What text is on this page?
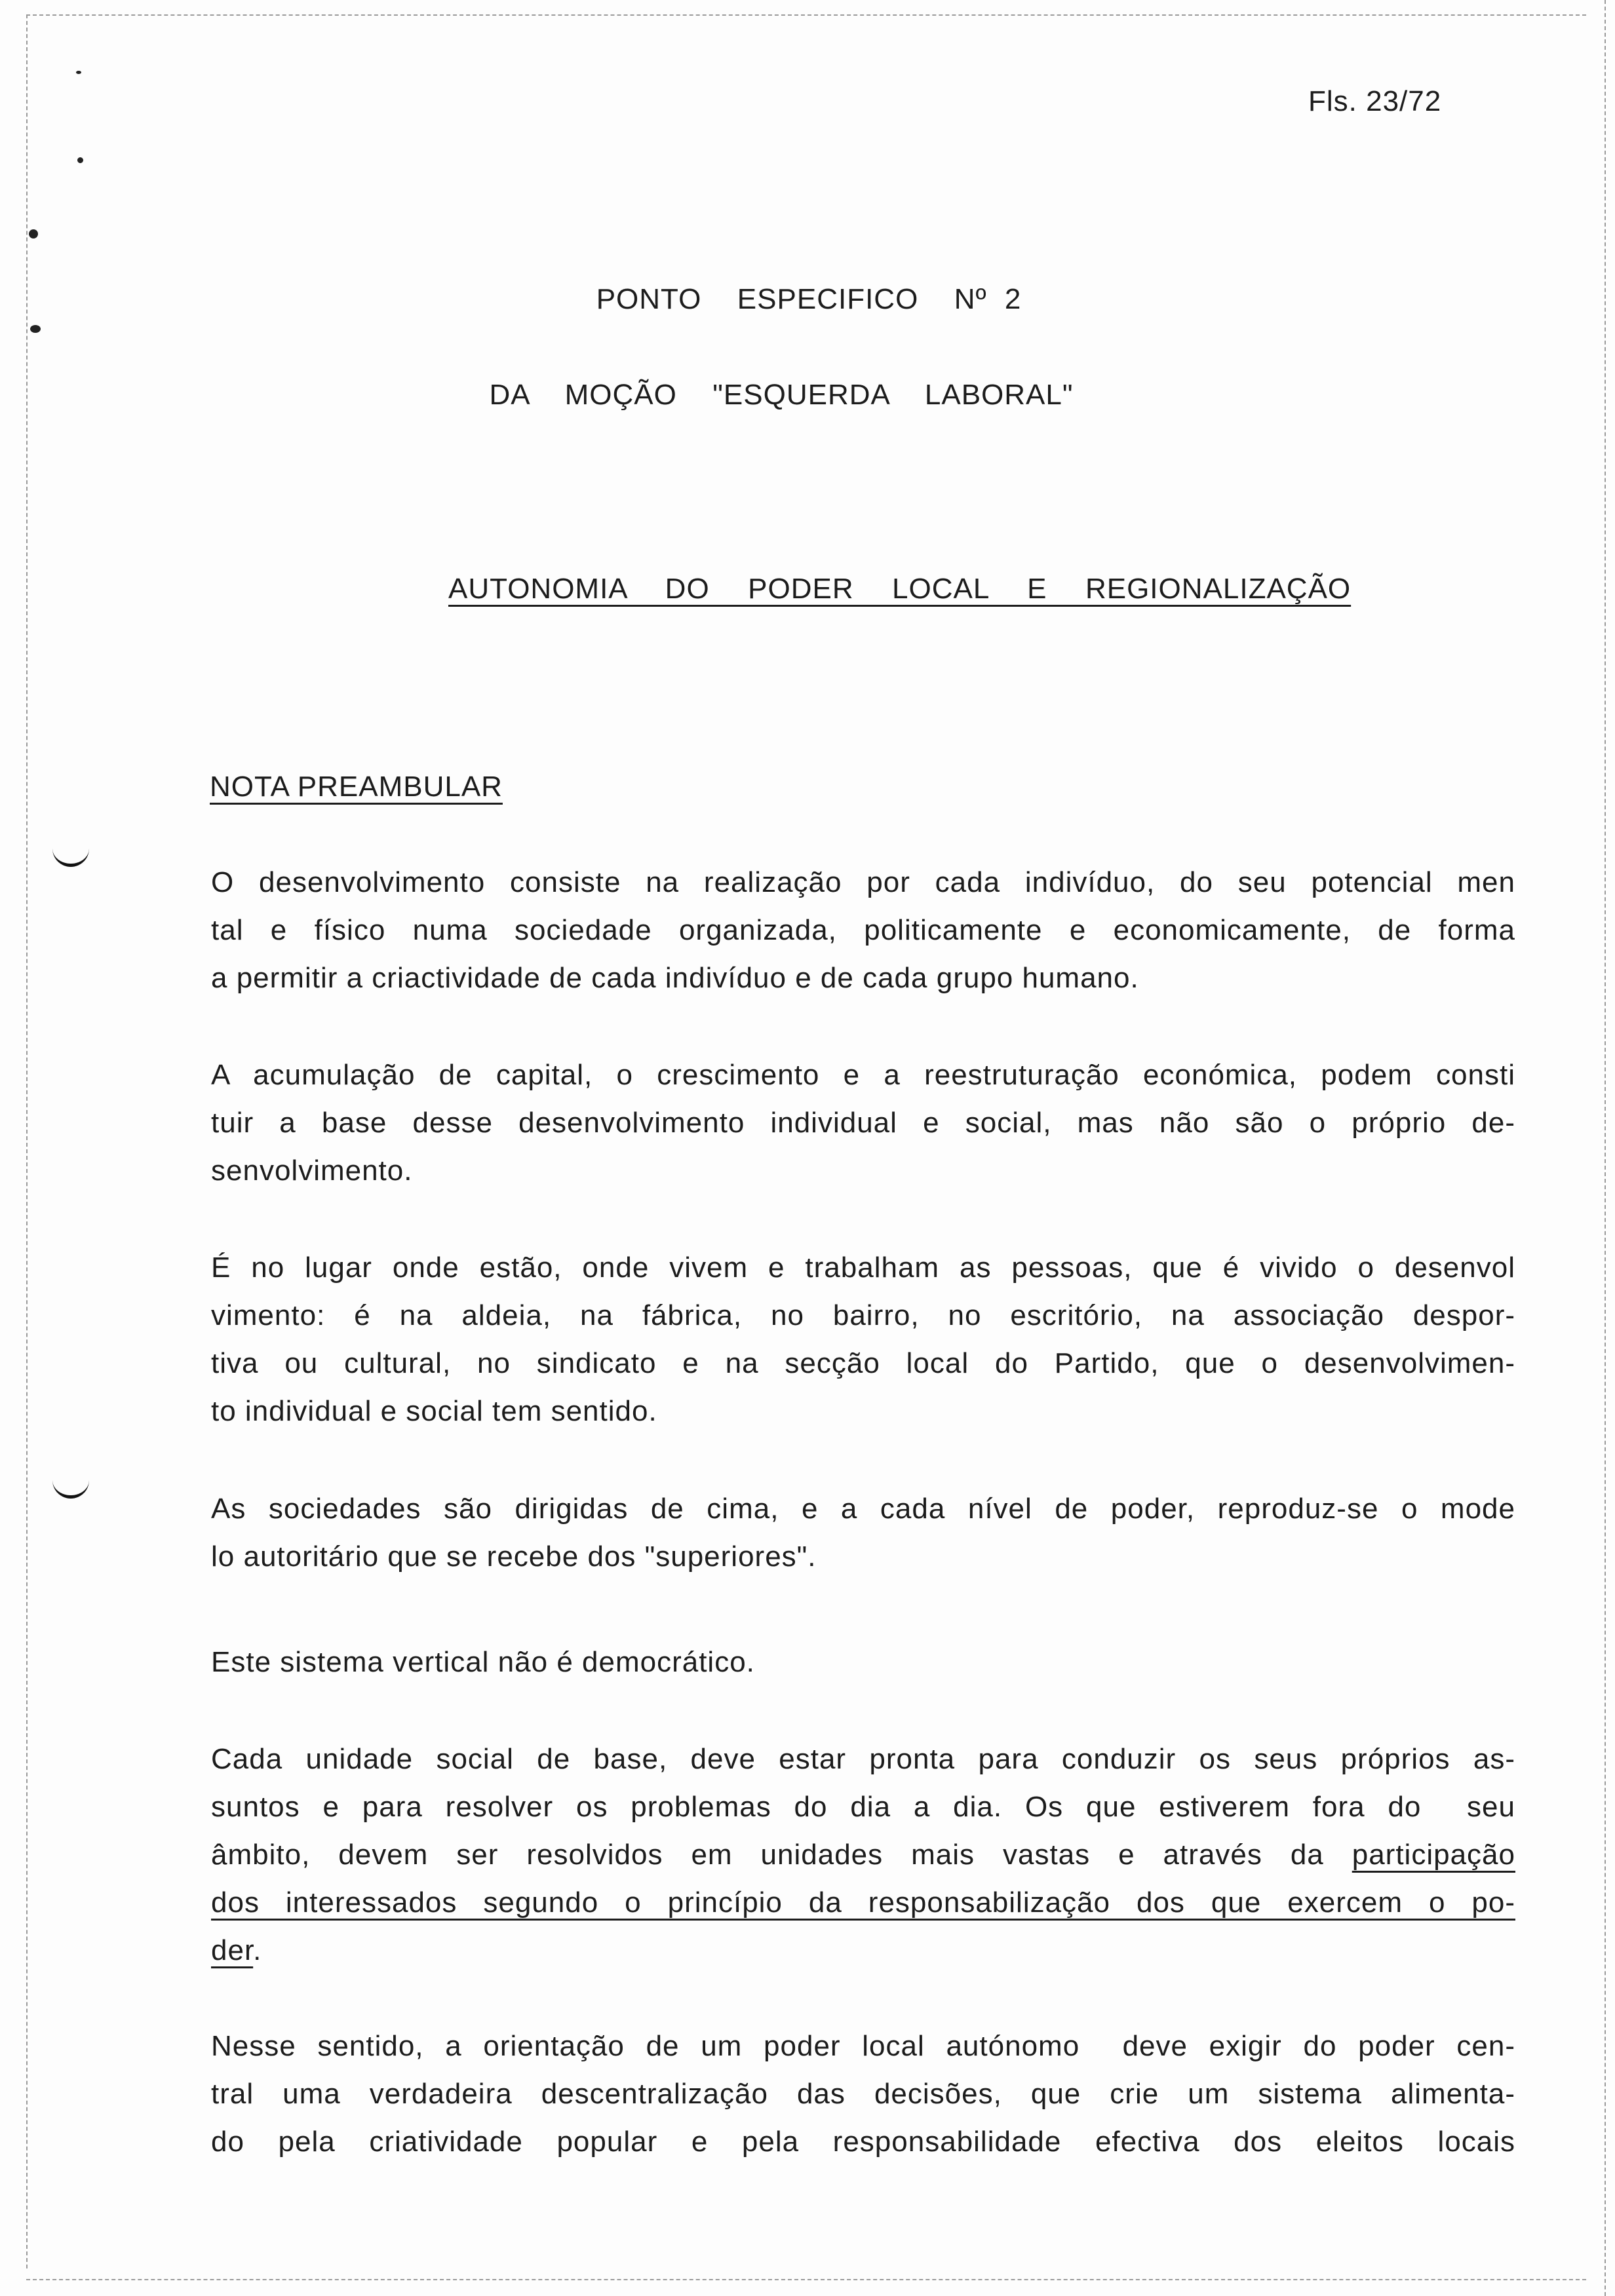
Fls. 23/72
PONTO  ESPECIFICO  Nº 2
DA  MOÇÃO  "ESQUERDA  LABORAL"
AUTONOMIA  DO  PODER  LOCAL  E  REGIONALIZAÇÃO
NOTA PREAMBULAR
O desenvolvimento consiste na realização por cada indivíduo, do seu potencial men
tal e físico numa sociedade organizada, politicamente e economicamente, de forma
a permitir a criactividade de cada indivíduo e de cada grupo humano.
A acumulação de capital, o crescimento e a reestruturação económica, podem consti
tuir a base desse desenvolvimento individual e social, mas não são o próprio de-
senvolvimento.
É no lugar onde estão, onde vivem e trabalham as pessoas, que é vivido o desenvol
vimento: é na aldeia, na fábrica, no bairro, no escritório, na associação despor-
tiva ou cultural, no sindicato e na secção local do Partido, que o desenvolvimen-
to individual e social tem sentido.
As sociedades são dirigidas de cima, e a cada nível de poder, reproduz-se o mode
lo autoritário que se recebe dos "superiores".
Este sistema vertical não é democrático.
Cada unidade social de base, deve estar pronta para conduzir os seus próprios as-
suntos e para resolver os problemas do dia a dia. Os que estiverem fora do  seu
âmbito, devem ser resolvidos em unidades mais vastas e através da participação
dos interessados segundo o princípio da responsabilização dos que exercem o po-
der.
Nesse sentido, a orientação de um poder local autónomo  deve exigir do poder cen-
tral uma verdadeira descentralização das decisões, que crie um sistema alimenta-
do pela criatividade popular e pela responsabilidade efectiva dos eleitos locais
